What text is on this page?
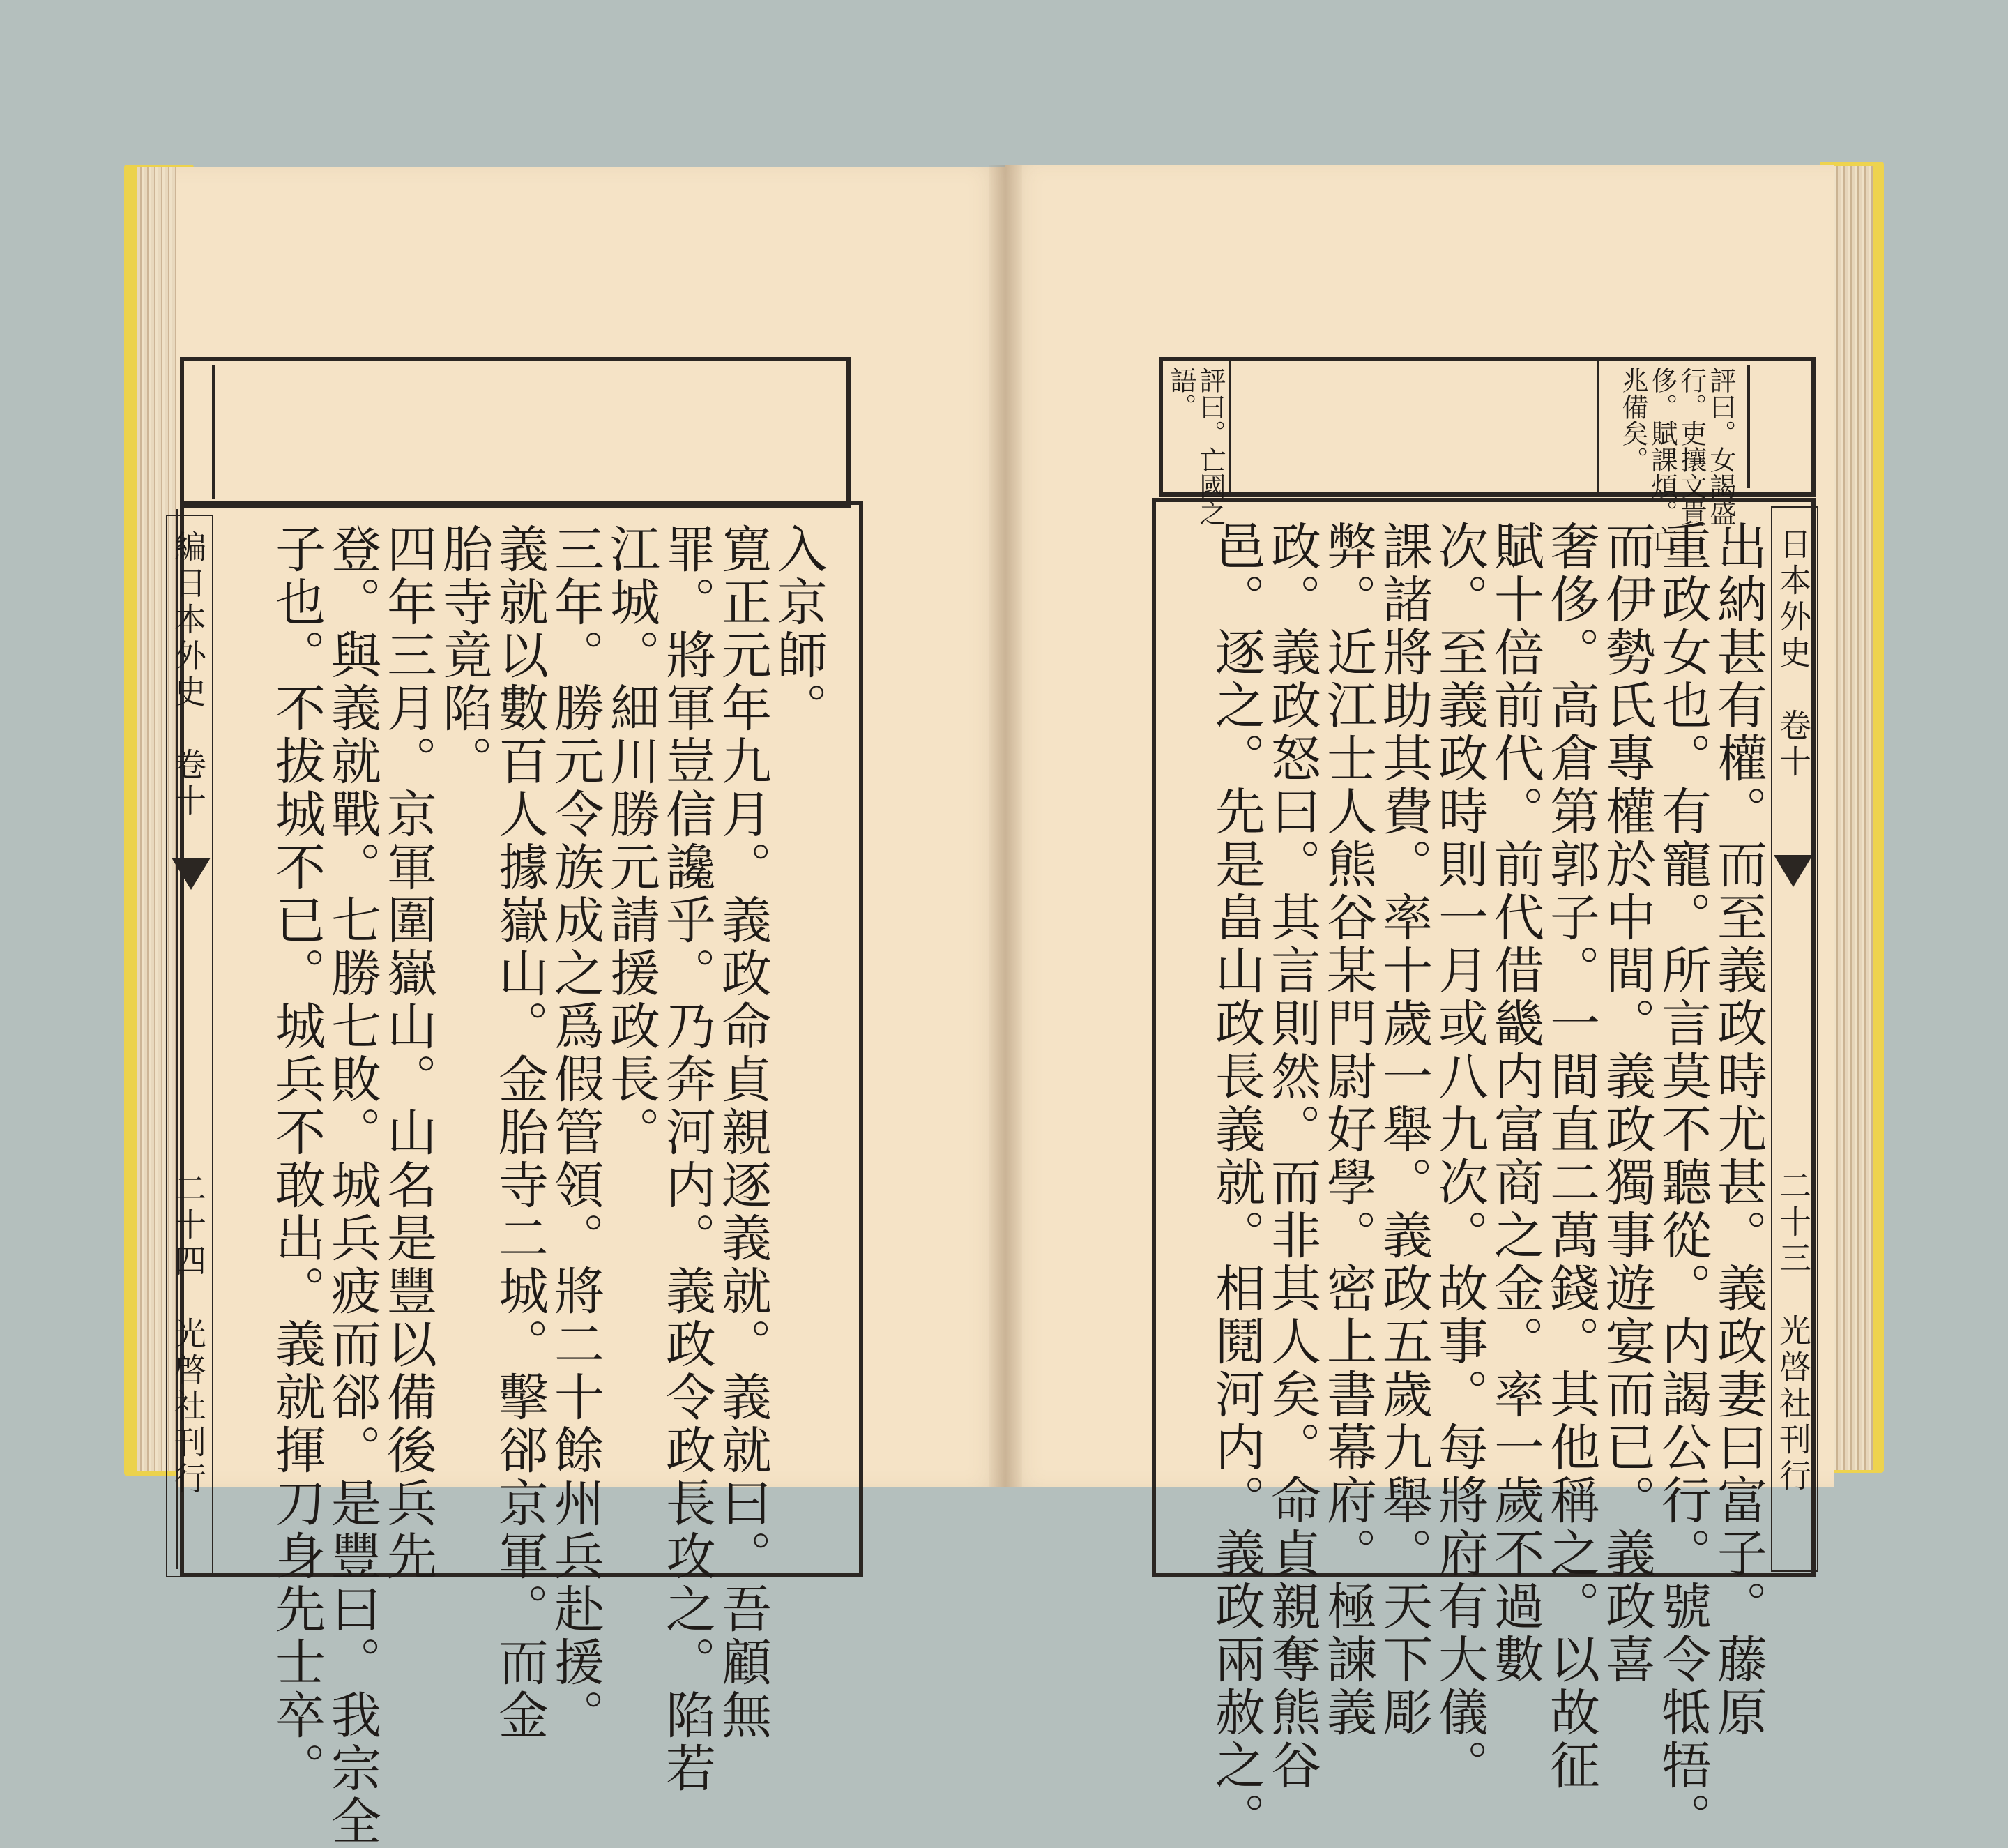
編日本外史　卷十
二十四　光啓社刊行
入京師。
寛正元年九月。義政命貞親逐義就。義就曰。吾顧無
罪。將軍豈信讒乎。乃奔河内。義政令政長攻之。陷若
江城。細川勝元請援政長。
三年。勝元令族成之爲假管領。將二十餘州兵赴援。
義就以數百人據嶽山。金胎寺二城。擊郤京軍。而金
胎寺竟陷。
四年三月。京軍圍嶽山。山名是豐以備後兵先
登。與義就戰。七勝七敗。城兵疲而郤。是豐曰。我宗全
子也。不拔城不已。城兵不敢出。義就揮刀身先士卒。
評曰。女謁盛
行。吏攘文貴
侈。賦課煩。亡
兆備矣。
評曰。亡國之
語。
日本外史　卷十
二十三　光啓社刊行
出納甚有權。而至義政時尤甚。義政妻曰富子。藤原
重政女也。有寵。所言莫不聽從。内謁公行。號令牴牾。
而伊勢氏專權於中間。義政獨事遊宴而已。義政喜
奢侈。高倉第郭子。一間直二萬錢。其他稱之。以故征
賦十倍前代。前代借畿内富商之金。率一歲不過數
次。至義政時則一月或八九次。故事。每將府有大儀。
課諸將助其費。率十歲一舉。義政五歲九舉。天下彫
弊。近江士人熊谷某門尉好學。密上書幕府。極諫義
政。義政怒曰。其言則然。而非其人矣。命貞親奪熊谷
邑。逐之。先是畠山政長義就。相鬩河内。義政兩赦之。
